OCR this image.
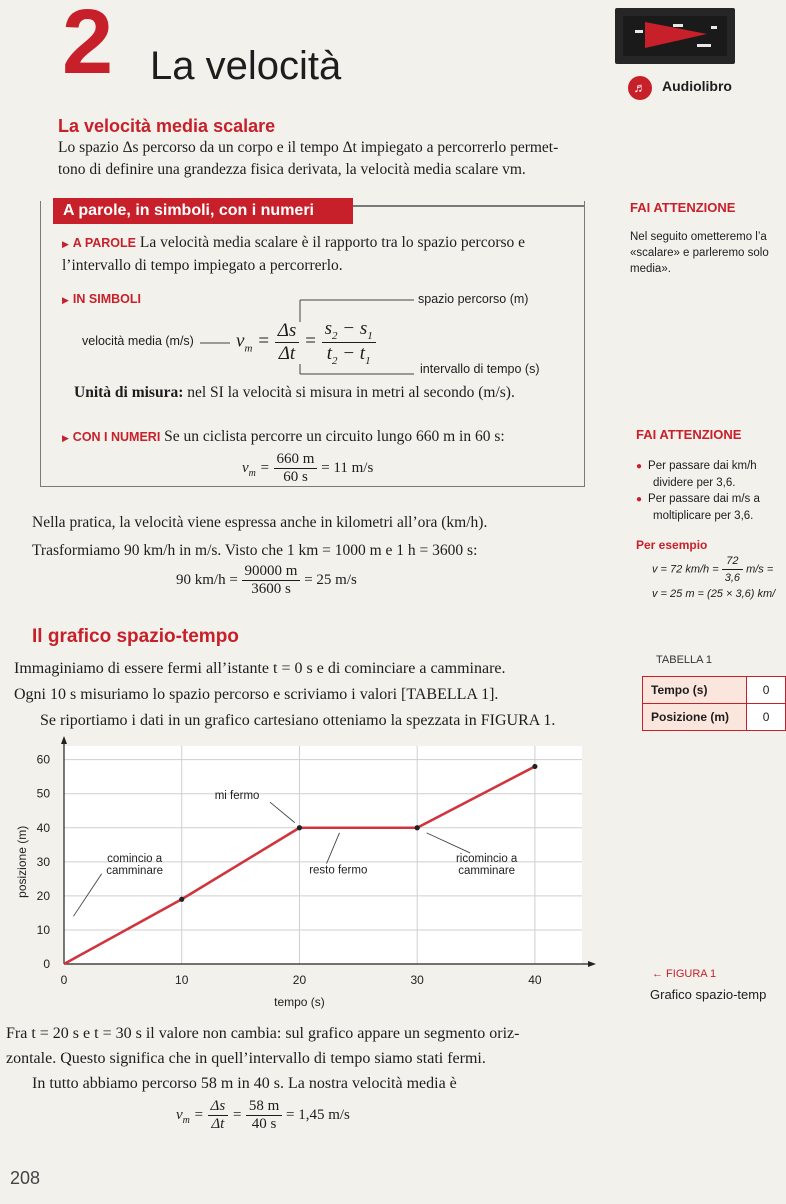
2 La velocità	♬	Audiolibro
La velocità media scalare
Lo spazio Δs percorso da un corpo e il tempo Δt impiegato a percorrerlo permet-
tono di definire una grandezza fisica derivata, la velocità media scalare vm.
FAI ATTENZIONE
Nel seguito ometteremo l’a
«scalare» e parleremo solo
media».
A parole, in simboli, con i numeri
▶ A PAROLE La velocità media scalare è il rapporto tra lo spazio percorso e
l’intervallo di tempo impiegato a percorrerlo.
▶ IN SIMBOLI	spazio percorso (m)
velocità media (m/s)
intervallo di tempo (s)
$v_m = \frac{\Delta s}{\Delta t} = \frac{s_2 - s_1}{t_2 - t_1}$
Unità di misura: nel SI la velocità si misura in metri al secondo (m/s).
▶ CON I NUMERI Se un ciclista percorre un circuito lungo 660 m in 60 s:
$v_m = \frac{660 m}{60 s} = 11$ m/s
FAI ATTENZIONE
● Per passare dai km/h
dividere per 3,6.
● Per passare dai m/s a
moltiplicare per 3,6.
Per esempio
v = 72 $km/h = \frac{72}{3,6} m/s$ =
v = 25 m = (25 × 3,6) km/
Nella pratica, la velocità viene espressa anche in kilometri all’ora (km/h).
Trasformiamo 90 km/h in m/s. Visto che 1 km = 1000 m e 1 h = 3600 s:
90 $km/h = \frac{90000 m}{3600 s} = 25$ m/s
Il grafico spazio-tempo
Immaginiamo di essere fermi all’istante t = 0 s e di cominciare a camminare.
Ogni 10 s misuriamo lo spazio percorso e scriviamo i valori [TABELLA 1].
Se riportiamo i dati in un grafico cartesiano otteniamo la spezzata in FIGURA 1.
TABELLA 1
Tempo (s)	0
Posizione (m)	0
0	10	20	30	40
0
10
20
30
40
50
60
tempo (s)
posizione (m)
mi fermo
comincio a camminare	resto fermo
ricomincio a camminare
← FIGURA 1
Grafico spazio-temp
Fra t = 20 s e t = 30 s il valore non cambia: sul grafico appare un segmento oriz-
zontale. Questo significa che in quell’intervallo di tempo siamo stati fermi.
In tutto abbiamo percorso 58 m in 40 s. La nostra velocità media è
$v_m = \frac{\Delta s}{\Delta t} = \frac{58 m}{40 s} = 1,45$ m/s
208
